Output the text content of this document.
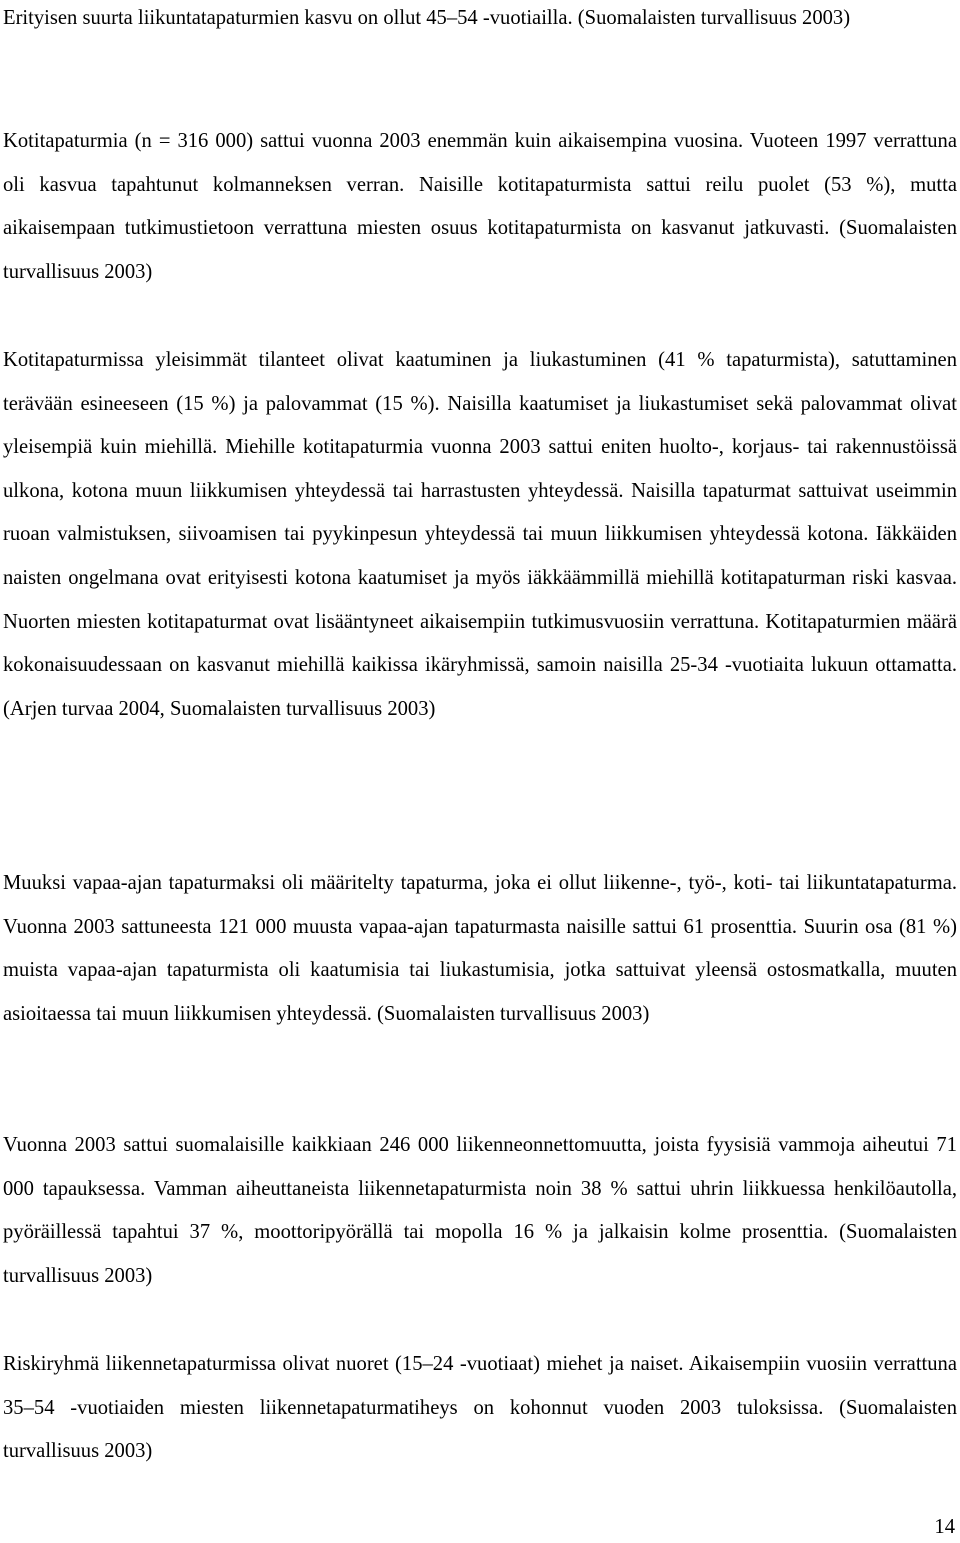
Erityisen suurta liikuntatapaturmien kasvu on ollut 45–54 -vuotiailla. (Suomalaisten turvallisuus 2003)

Kotitapaturmia (n = 316 000) sattui vuonna 2003 enemmän kuin aikaisempina vuosina. Vuoteen 1997 verrattuna oli kasvua tapahtunut kolmanneksen verran. Naisille kotitapaturmista sattui reilu puolet (53 %), mutta aikaisempaan tutkimustietoon verrattuna miesten osuus kotitapaturmista on kasvanut jatkuvasti. (Suomalaisten turvallisuus 2003)

Kotitapaturmissa yleisimmät tilanteet olivat kaatuminen ja liukastuminen (41 % tapaturmista), satuttaminen terävään esineeseen (15 %) ja palovammat (15 %). Naisilla kaatumiset ja liukastumiset sekä palovammat olivat yleisempiä kuin miehillä. Miehille kotitapaturmia vuonna 2003 sattui eniten huolto-, korjaus- tai rakennustöissä ulkona, kotona muun liikkumisen yhteydessä tai harrastusten yhteydessä. Naisilla tapaturmat sattuivat useimmin ruoan valmistuksen, siivoamisen tai pyykinpesun yhteydessä tai muun liikkumisen yhteydessä kotona. Iäkkäiden naisten ongelmana ovat erityisesti kotona kaatumiset ja myös iäkkäämmillä miehillä kotitapaturman riski kasvaa. Nuorten miesten kotitapaturmat ovat lisääntyneet aikaisempiin tutkimusvuosiin verrattuna. Kotitapaturmien määrä kokonaisuudessaan on kasvanut miehillä kaikissa ikäryhmissä, samoin naisilla 25-34 -vuotiaita lukuun ottamatta. (Arjen turvaa 2004, Suomalaisten turvallisuus 2003)

Muuksi vapaa-ajan tapaturmaksi oli määritelty tapaturma, joka ei ollut liikenne-, työ-, koti- tai liikuntatapaturma. Vuonna 2003 sattuneesta 121 000 muusta vapaa-ajan tapaturmasta naisille sattui 61 prosenttia. Suurin osa (81 %) muista vapaa-ajan tapaturmista oli kaatumisia tai liukastumisia, jotka sattuivat yleensä ostosmatkalla, muuten asioitaessa tai muun liikkumisen yhteydessä. (Suomalaisten turvallisuus 2003)

Vuonna 2003 sattui suomalaisille kaikkiaan 246 000 liikenneonnettomuutta, joista fyysisiä vammoja aiheutui 71 000 tapauksessa. Vamman aiheuttaneista liikennetapaturmista noin 38 % sattui uhrin liikkuessa henkilöautolla, pyöräillessä tapahtui 37 %, moottoripyörällä tai mopolla 16 % ja jalkaisin kolme prosenttia. (Suomalaisten turvallisuus 2003)

Riskiryhmä liikennetapaturmissa olivat nuoret (15–24 -vuotiaat) miehet ja naiset. Aikaisempiin vuosiin verrattuna 35–54 -vuotiaiden miesten liikennetapaturmatiheys on kohonnut vuoden 2003 tuloksissa. (Suomalaisten turvallisuus 2003)

14
